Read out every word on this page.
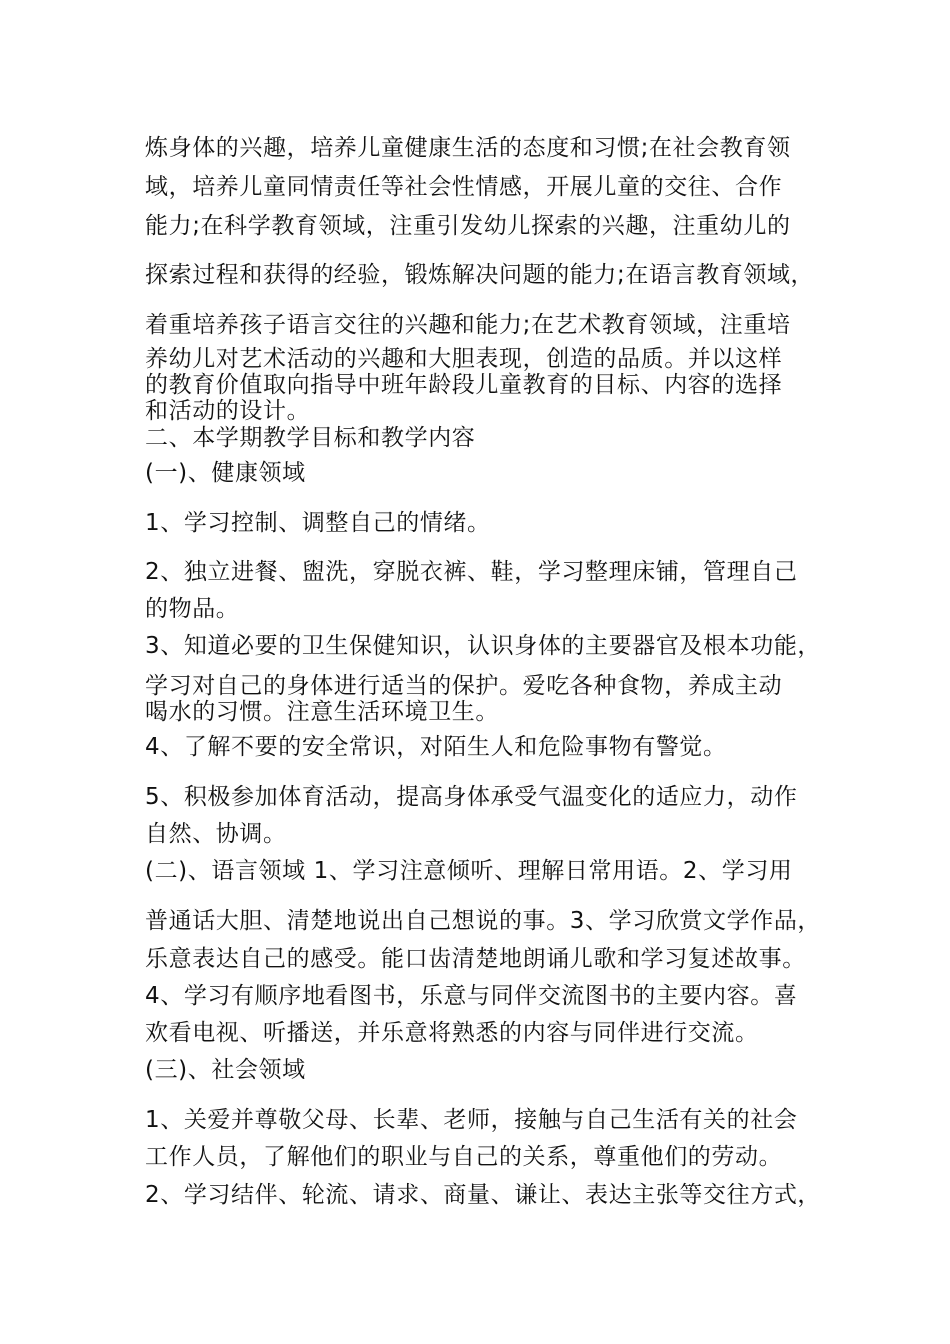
炼身体的兴趣，培养儿童健康生活的态度和习惯;在社会教育领
域，培养儿童同情责任等社会性情感，开展儿童的交往、合作
能力;在科学教育领域，注重引发幼儿探索的兴趣，注重幼儿的
探索过程和获得的经验，锻炼解决问题的能力;在语言教育领域，
着重培养孩子语言交往的兴趣和能力;在艺术教育领域，注重培
养幼儿对艺术活动的兴趣和大胆表现，创造的品质。并以这样
的教育价值取向指导中班年龄段儿童教育的目标、内容的选择
和活动的设计。
二、本学期教学目标和教学内容
(一)、健康领域
1、学习控制、调整自己的情绪。
2、独立进餐、盥洗，穿脱衣裤、鞋，学习整理床铺，管理自己
的物品。
3、知道必要的卫生保健知识，认识身体的主要器官及根本功能，
学习对自己的身体进行适当的保护。爱吃各种食物，养成主动
喝水的习惯。注意生活环境卫生。
4、了解不要的安全常识，对陌生人和危险事物有警觉。
5、积极参加体育活动，提高身体承受气温变化的适应力，动作
自然、协调。
(二)、语言领域 1、学习注意倾听、理解日常用语。2、学习用
普通话大胆、清楚地说出自己想说的事。3、学习欣赏文学作品，
乐意表达自己的感受。能口齿清楚地朗诵儿歌和学习复述故事。
4、学习有顺序地看图书，乐意与同伴交流图书的主要内容。喜
欢看电视、听播送，并乐意将熟悉的内容与同伴进行交流。
(三)、社会领域
1、关爱并尊敬父母、长辈、老师，接触与自己生活有关的社会
工作人员，了解他们的职业与自己的关系，尊重他们的劳动。
2、学习结伴、轮流、请求、商量、谦让、表达主张等交往方式，
